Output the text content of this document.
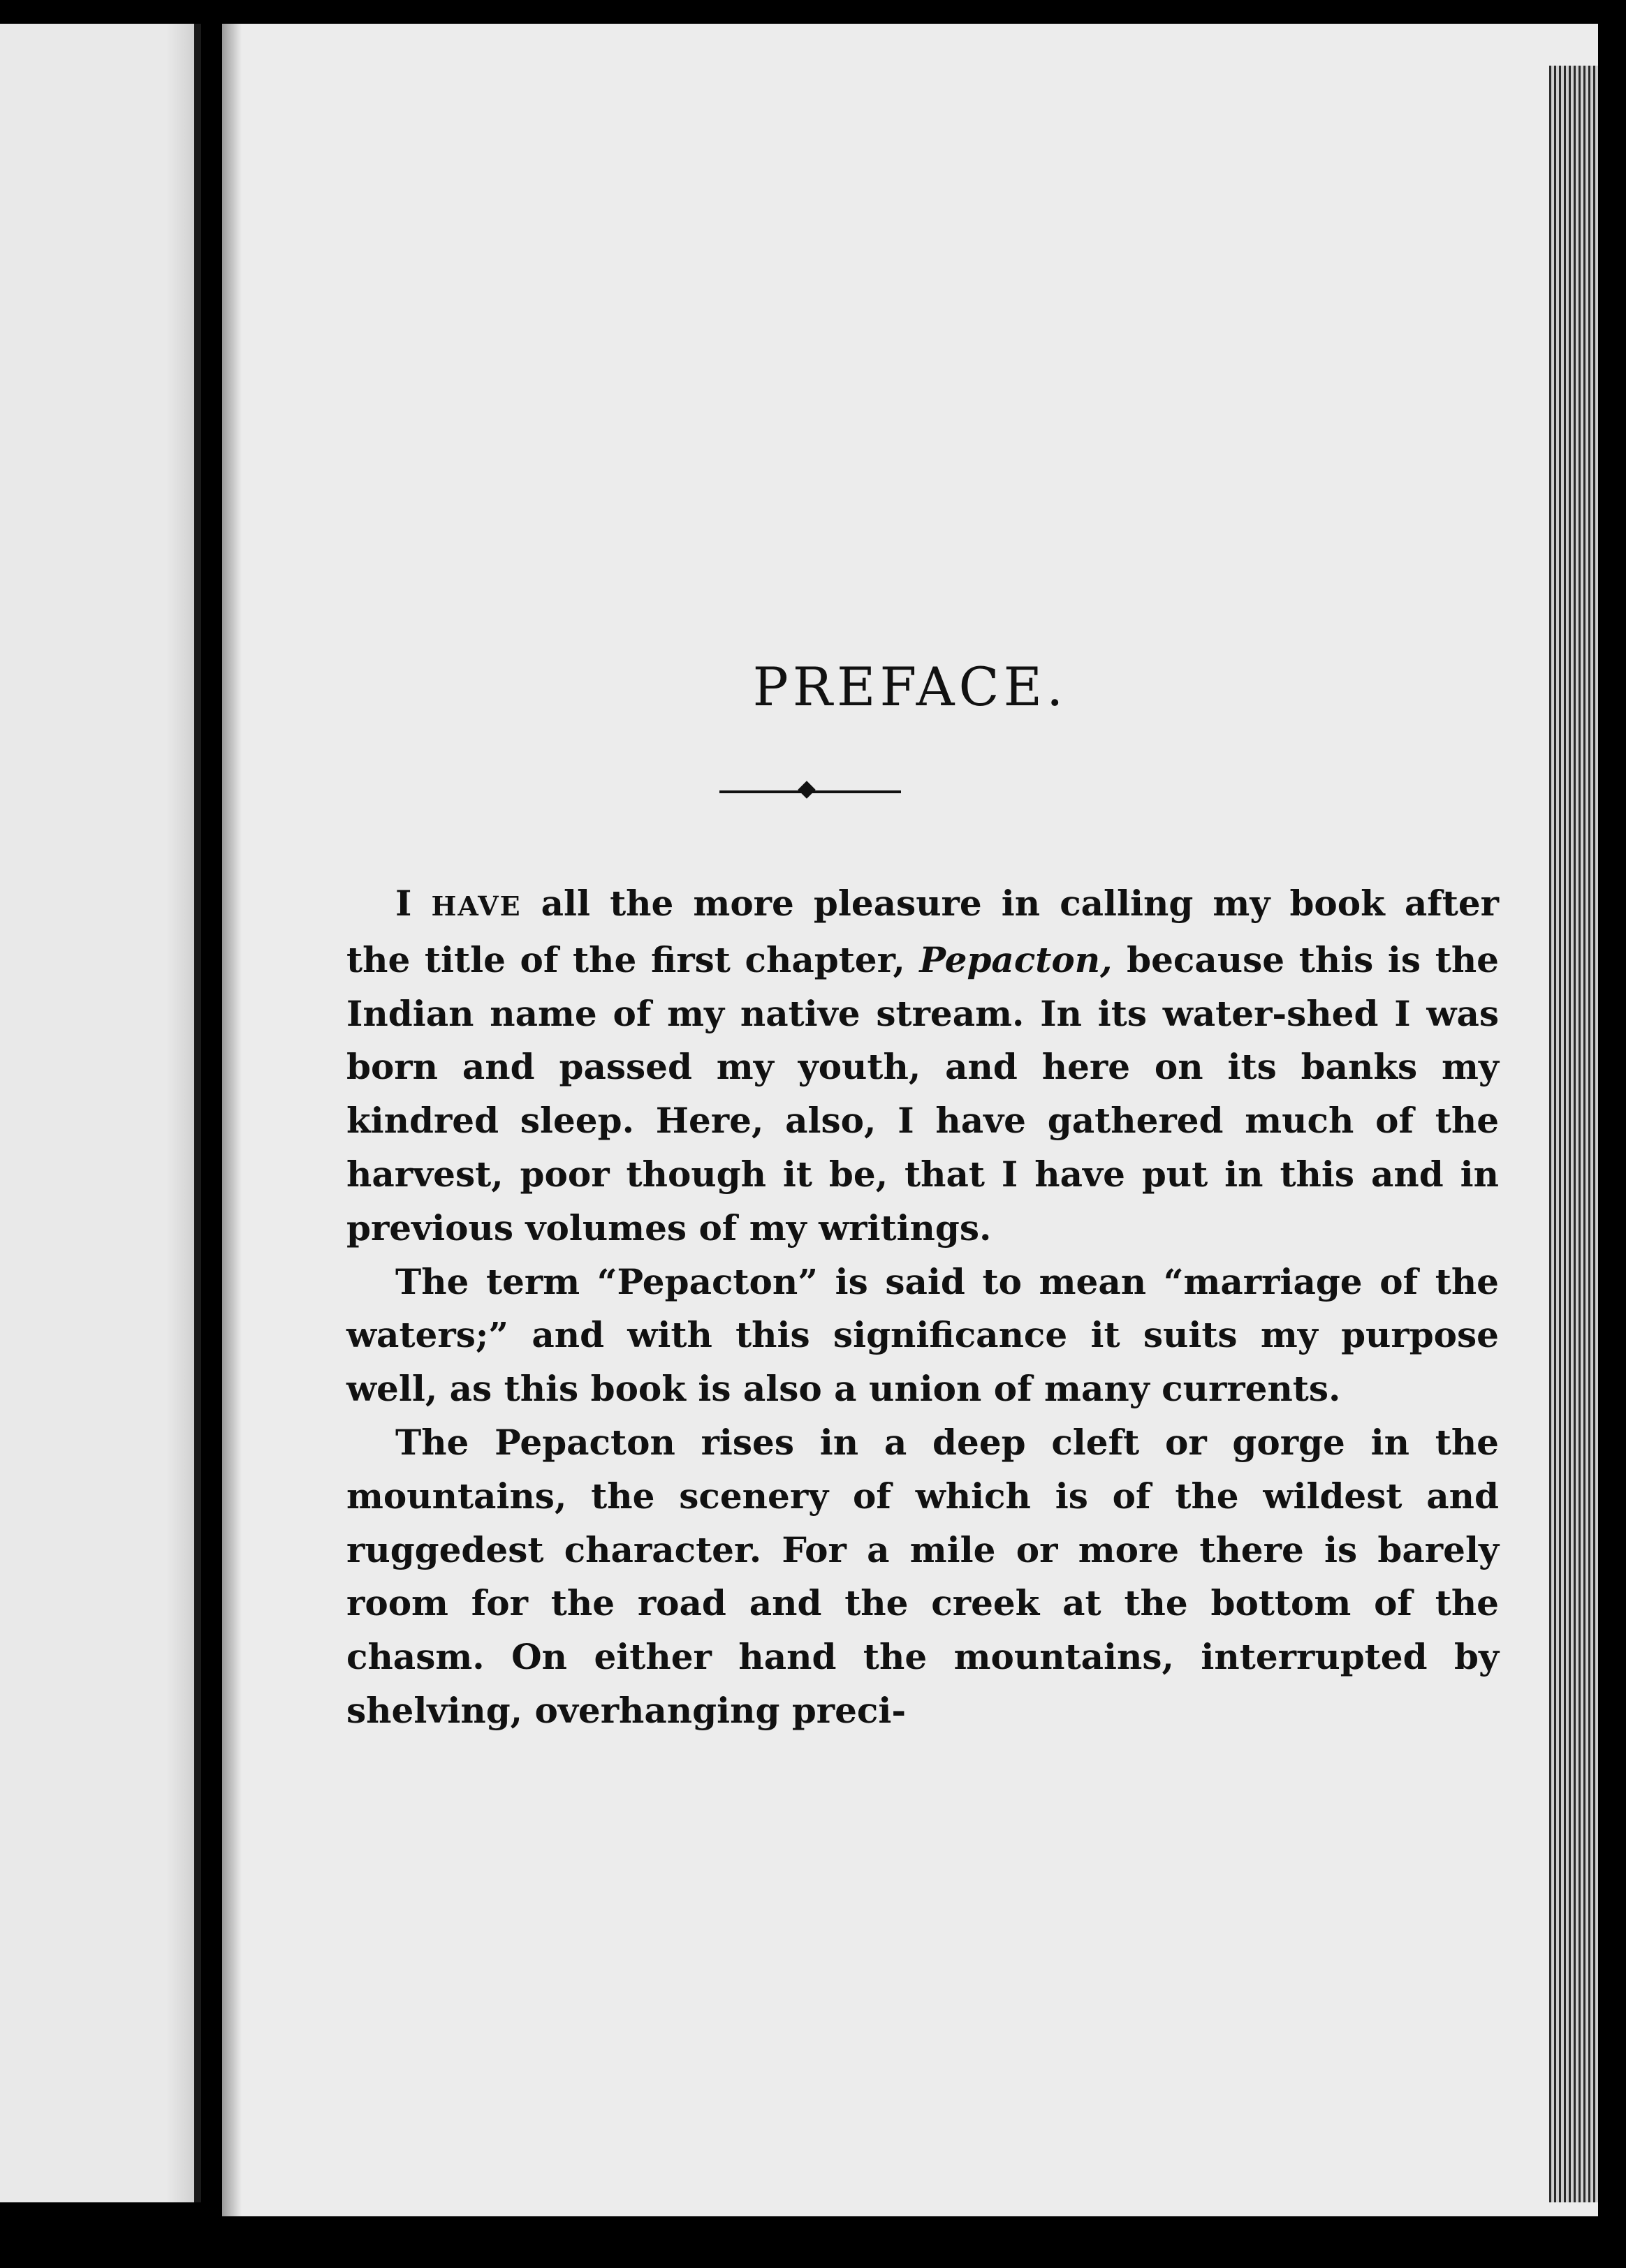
PREFACE.

I HAVE all the more pleasure in calling my book after the title of the first chapter, Pepacton, because this is the Indian name of my native stream. In its water-shed I was born and passed my youth, and here on its banks my kindred sleep. Here, also, I have gathered much of the harvest, poor though it be, that I have put in this and in previous volumes of my writings.

The term “Pepacton” is said to mean “marriage of the waters;” and with this significance it suits my purpose well, as this book is also a union of many currents.

The Pepacton rises in a deep cleft or gorge in the mountains, the scenery of which is of the wildest and ruggedest character. For a mile or more there is barely room for the road and the creek at the bottom of the chasm. On either hand the mountains, interrupted by shelving, overhanging preci-
